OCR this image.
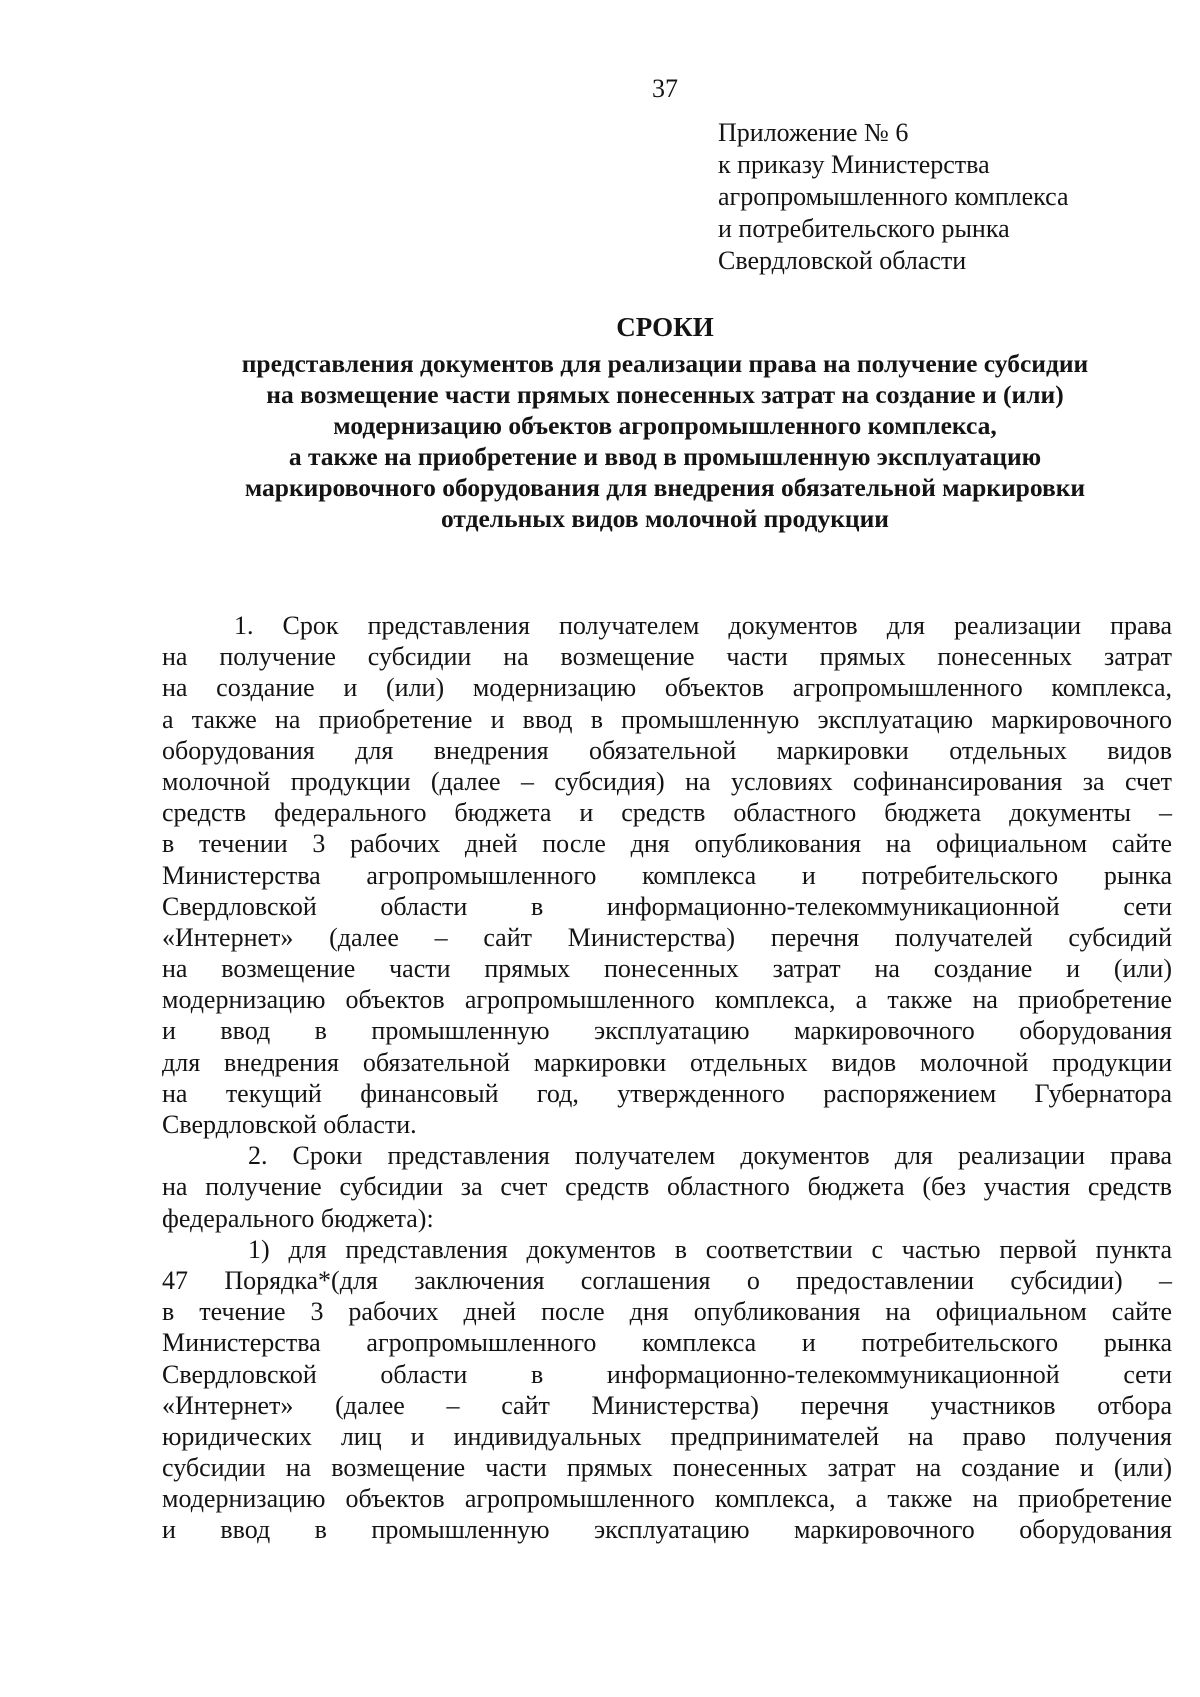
37
Приложение № 6
к приказу Министерства
агропромышленного комплекса
и потребительского рынка
Свердловской области
СРОКИ
представления документов для реализации права на получение субсидии
на возмещение части прямых понесенных затрат на создание и (или)
модернизацию объектов агропромышленного комплекса,
а также на приобретение и ввод в промышленную эксплуатацию
маркировочного оборудования для внедрения обязательной маркировки
отдельных видов молочной продукции
1. Срок представления получателем документов для реализации права
на получение субсидии на возмещение части прямых понесенных затрат
на создание и (или) модернизацию объектов агропромышленного комплекса,
а также на приобретение и ввод в промышленную эксплуатацию маркировочного
оборудования для внедрения обязательной маркировки отдельных видов
молочной продукции (далее – субсидия) на условиях софинансирования за счет
средств федерального бюджета и средств областного бюджета документы –
в течении 3 рабочих дней после дня опубликования на официальном сайте
Министерства агропромышленного комплекса и потребительского рынка
Свердловской области в информационно-телекоммуникационной сети
«Интернет» (далее – сайт Министерства) перечня получателей субсидий
на возмещение части прямых понесенных затрат на создание и (или)
модернизацию объектов агропромышленного комплекса, а также на приобретение
и ввод в промышленную эксплуатацию маркировочного оборудования
для внедрения обязательной маркировки отдельных видов молочной продукции
на текущий финансовый год, утвержденного распоряжением Губернатора
Свердловской области.
2. Сроки представления получателем документов для реализации права
на получение субсидии за счет средств областного бюджета (без участия средств
федерального бюджета):
1) для представления документов в соответствии с частью первой пункта
47 Порядка*(для заключения соглашения о предоставлении субсидии) –
в течение 3 рабочих дней после дня опубликования на официальном сайте
Министерства агропромышленного комплекса и потребительского рынка
Свердловской области в информационно-телекоммуникационной сети
«Интернет» (далее – сайт Министерства) перечня участников отбора
юридических лиц и индивидуальных предпринимателей на право получения
субсидии на возмещение части прямых понесенных затрат на создание и (или)
модернизацию объектов агропромышленного комплекса, а также на приобретение
и ввод в промышленную эксплуатацию маркировочного оборудования
